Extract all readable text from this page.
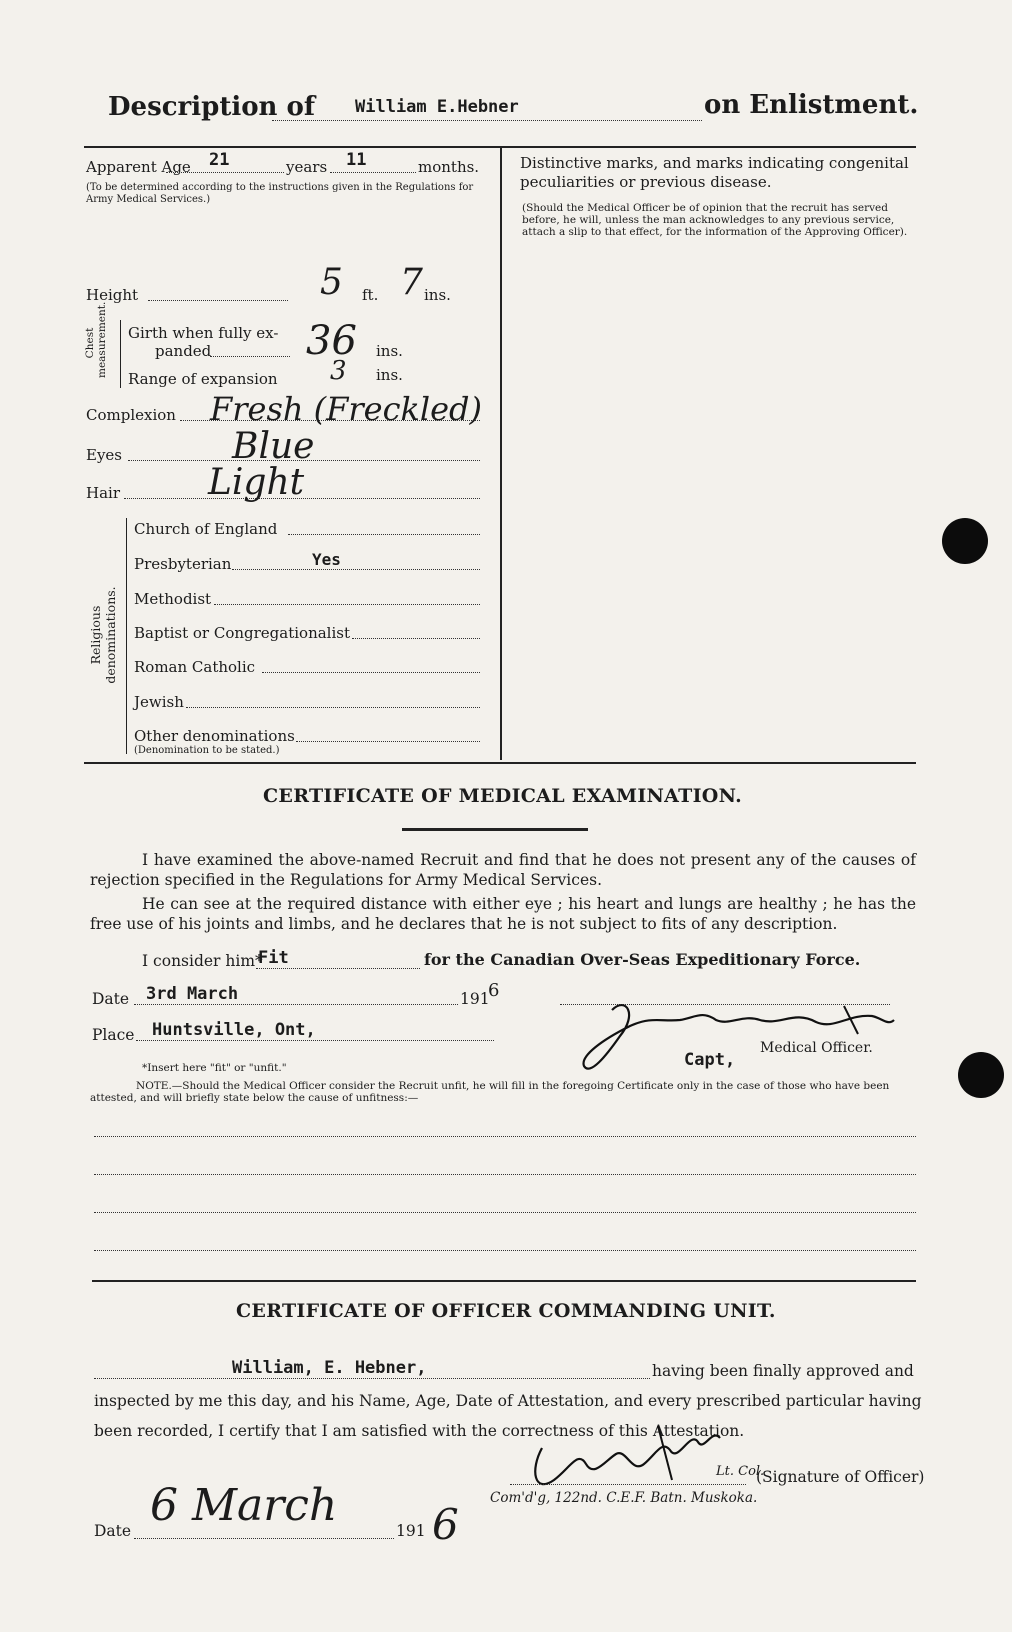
Description of William E.Hebner	on Enlistment.
Apparent Age 21	years 11	months.
(To be determined according to the instructions given in the Regulations for Army Medical Services.)
Height	5 ft. 7 ins.
Chest measurement. Girth when fully ex-
panded 36 ins.
Range of expansion 3 ins.
Complexion Fresh (Freckled)
Eyes	Blue
Hair Light
Religious denominations.
Church of England
Presbyterian	Yes
Methodist
Baptist or Congregationalist
Roman Catholic
Jewish
Other denominations
(Denomination to be stated.)
Distinctive marks, and marks indicating congenital peculiarities or previous disease.
(Should the Medical Officer be of opinion that the recruit has served before, he will, unless the man acknowledges to any previous service, attach a slip to that effect, for the information of the Approving Officer).
CERTIFICATE OF MEDICAL EXAMINATION.
I have examined the above-named Recruit and find that he does not present any of the causes of rejection specified in the Regulations for Army Medical Services.
He can see at the required distance with either eye ; his heart and lungs are healthy ; he has the free use of his joints and limbs, and he declares that he is not subject to fits of any description.
I consider him*
Fit	for the Canadian Over-Seas Expeditionary Force.
Date 3rd March	191
6
Place Huntsville, Ont,
Capt,
Medical Officer.
*Insert here "fit" or "unfit."
NOTE.—Should the Medical Officer consider the Recruit unfit, he will fill in the foregoing Certificate only in the case of those who have been attested, and will briefly state below the cause of unfitness:—
CERTIFICATE OF OFFICER COMMANDING UNIT.
William, E. Hebner,	having been finally approved and
inspected by me this day, and his Name, Age, Date of Attestation, and every prescribed particular having
been recorded, I certify that I am satisfied with the correctness of this Attestation.
Lt. Col.
(Signature of Officer)
Com'd'g, 122nd. C.E.F. Batn. Muskoka.
Date 6 March	191 6
